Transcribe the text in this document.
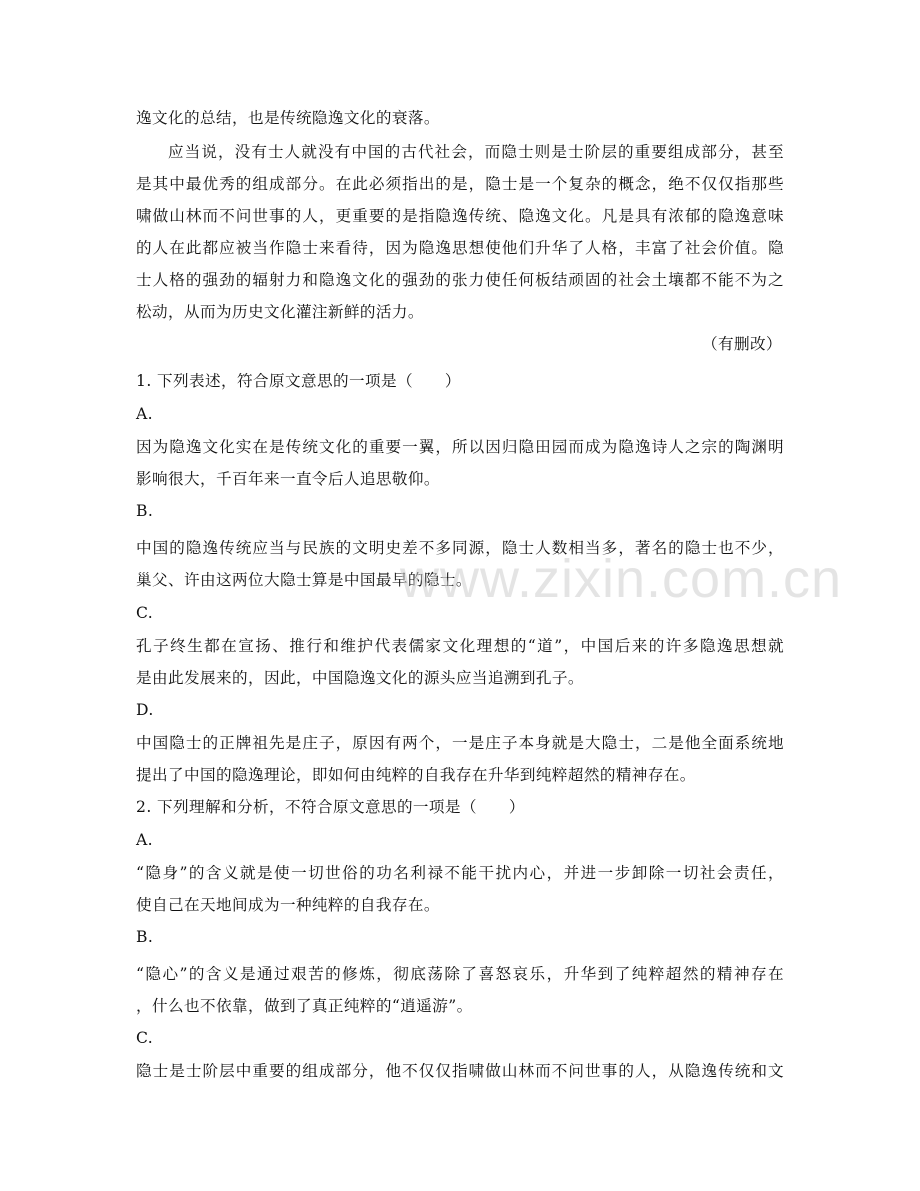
逸文化的总结，也是传统隐逸文化的衰落。
应当说，没有士人就没有中国的古代社会，而隐士则是士阶层的重要组成部分，甚至
是其中最优秀的组成部分。在此必须指出的是，隐士是一个复杂的概念，绝不仅仅指那些
啸做山林而不问世事的人，更重要的是指隐逸传统、隐逸文化。凡是具有浓郁的隐逸意味
的人在此都应被当作隐士来看待，因为隐逸思想使他们升华了人格，丰富了社会价值。隐
士人格的强劲的辐射力和隐逸文化的强劲的张力使任何板结顽固的社会土壤都不能不为之
松动，从而为历史文化灌注新鲜的活力。
（有删改）
1. 下列表述，符合原文意思的一项是（　　）
A.
因为隐逸文化实在是传统文化的重要一翼，所以因归隐田园而成为隐逸诗人之宗的陶渊明
影响很大，千百年来一直令后人追思敬仰。
B.
中国的隐逸传统应当与民族的文明史差不多同源，隐士人数相当多，著名的隐士也不少，
巢父、许由这两位大隐士算是中国最早的隐士。
C.
孔子终生都在宣扬、推行和维护代表儒家文化理想的“道”，中国后来的许多隐逸思想就
是由此发展来的，因此，中国隐逸文化的源头应当追溯到孔子。
D.
中国隐士的正牌祖先是庄子，原因有两个，一是庄子本身就是大隐士，二是他全面系统地
提出了中国的隐逸理论，即如何由纯粹的自我存在升华到纯粹超然的精神存在。
2. 下列理解和分析，不符合原文意思的一项是（　　）
A.
“隐身”的含义就是使一切世俗的功名利禄不能干扰内心，并进一步卸除一切社会责任，
使自己在天地间成为一种纯粹的自我存在。
B.
“隐心”的含义是通过艰苦的修炼，彻底荡除了喜怒哀乐，升华到了纯粹超然的精神存在
，什么也不依靠，做到了真正纯粹的“逍遥游”。
C.
隐士是士阶层中重要的组成部分，他不仅仅指啸做山林而不问世事的人，从隐逸传统和文
www.zixin.com.cn
